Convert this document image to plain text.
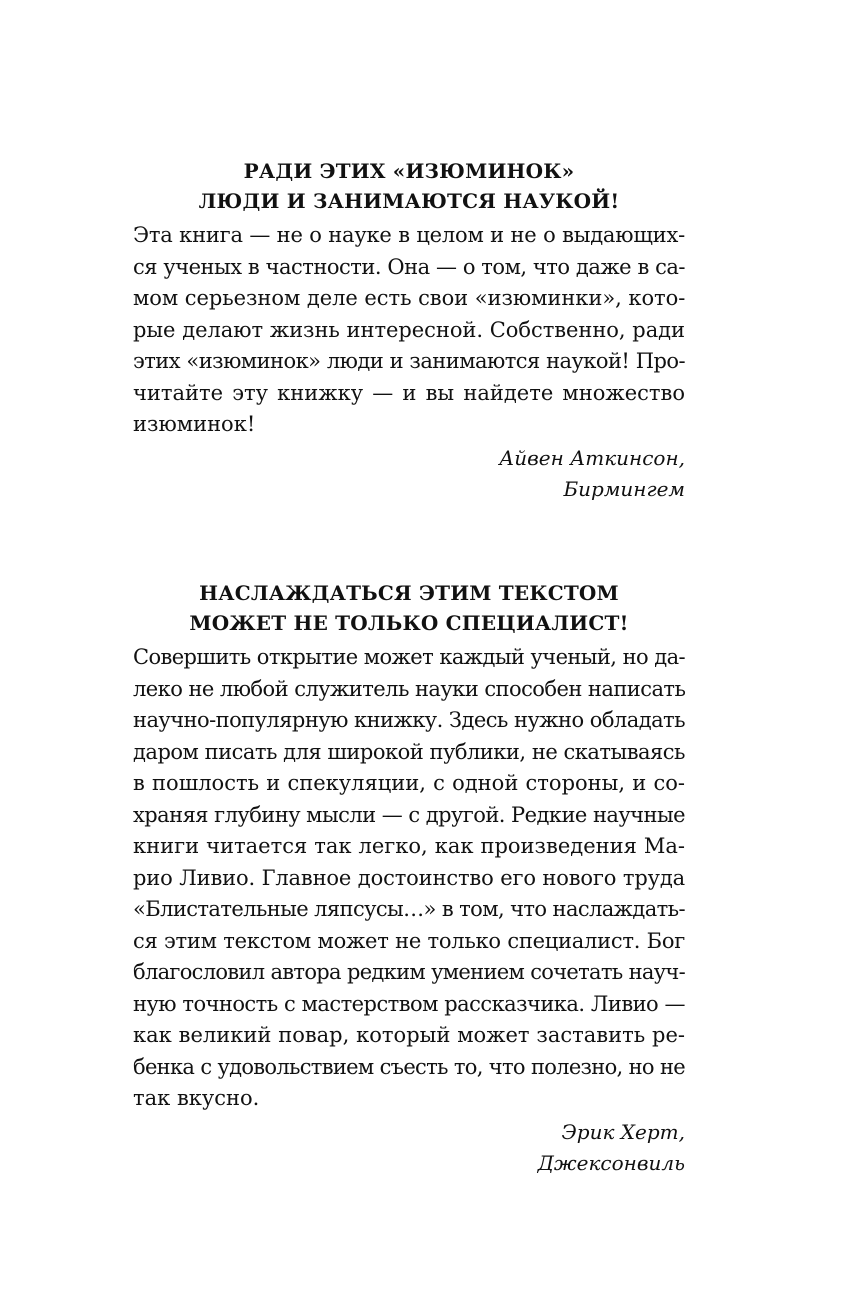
РАДИ ЭТИХ «ИЗЮМИНОК»
ЛЮДИ И ЗАНИМАЮТСЯ НАУКОЙ!
Эта книга — не о науке в целом и не о выдающих-
ся ученых в частности. Она — о том, что даже в са-
мом серьезном деле есть свои «изюминки», кото-
рые делают жизнь интересной. Собственно, ради
этих «изюминок» люди и занимаются наукой! Про-
читайте эту книжку — и вы найдете множество
изюминок!
Айвен Аткинсон,
Бирмингем
НАСЛАЖДАТЬСЯ ЭТИМ ТЕКСТОМ
МОЖЕТ НЕ ТОЛЬКО СПЕЦИАЛИСТ!
Совершить открытие может каждый ученый, но да-
леко не любой служитель науки способен написать
научно-популярную книжку. Здесь нужно обладать
даром писать для широкой публики, не скатываясь
в пошлость и спекуляции, с одной стороны, и со-
храняя глубину мысли — с другой. Редкие научные
книги читается так легко, как произведения Ма-
рио Ливио. Главное достоинство его нового труда
«Блистательные ляпсусы…» в том, что наслаждать-
ся этим текстом может не только специалист. Бог
благословил автора редким умением сочетать науч-
ную точность с мастерством рассказчика. Ливио —
как великий повар, который может заставить ре-
бенка с удовольствием съесть то, что полезно, но не
так вкусно.
Эрик Херт,
Джексонвиль
